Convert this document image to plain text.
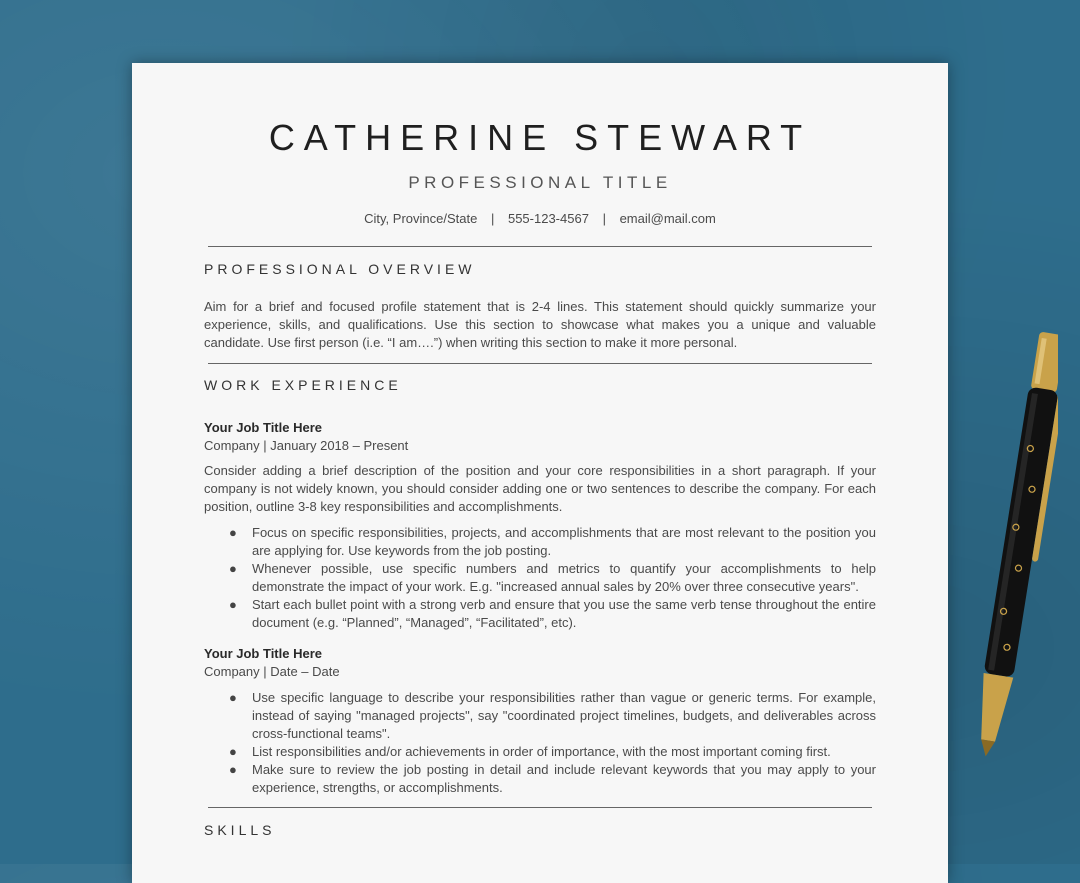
CATHERINE STEWART
PROFESSIONAL TITLE
City, Province/State | 555-123-4567 | email@mail.com
PROFESSIONAL OVERVIEW
Aim for a brief and focused profile statement that is 2-4 lines. This statement should quickly summarize your experience, skills, and qualifications. Use this section to showcase what makes you a unique and valuable candidate. Use first person (i.e. “I am….”) when writing this section to make it more personal.
WORK EXPERIENCE
Your Job Title Here
Company | January 2018 – Present
Consider adding a brief description of the position and your core responsibilities in a short paragraph. If your company is not widely known, you should consider adding one or two sentences to describe the company. For each position, outline 3-8 key responsibilities and accomplishments.
● Focus on specific responsibilities, projects, and accomplishments that are most relevant to the position you are applying for. Use keywords from the job posting.
● Whenever possible, use specific numbers and metrics to quantify your accomplishments to help demonstrate the impact of your work. E.g. "increased annual sales by 20% over three consecutive years".
● Start each bullet point with a strong verb and ensure that you use the same verb tense throughout the entire document (e.g. “Planned”, “Managed”, “Facilitated”, etc).
Your Job Title Here
Company | Date – Date
● Use specific language to describe your responsibilities rather than vague or generic terms. For example, instead of saying "managed projects", say "coordinated project timelines, budgets, and deliverables across cross-functional teams".
● List responsibilities and/or achievements in order of importance, with the most important coming first.
● Make sure to review the job posting in detail and include relevant keywords that you may apply to your experience, strengths, or accomplishments.
SKILLS
